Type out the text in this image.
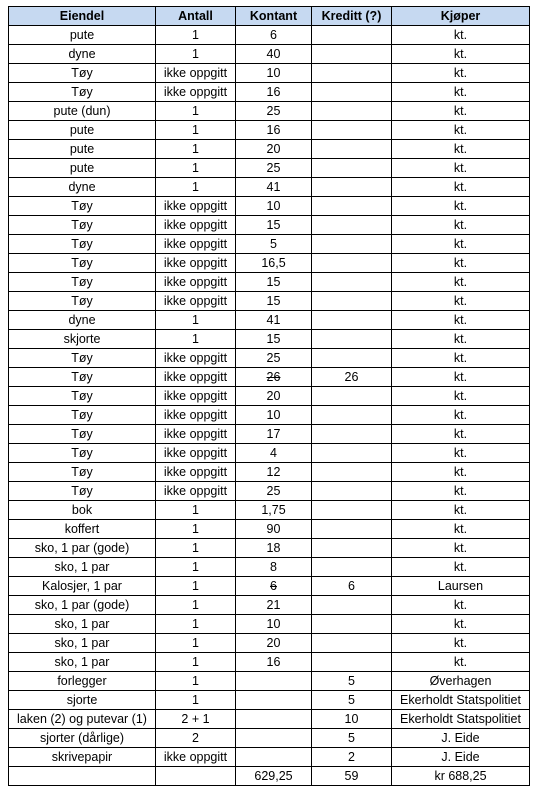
Eiendel	Antall	Kontant	Kreditt (?)	Kjøper
pute	1	6		kt.
dyne	1	40		kt.
Tøy	ikke oppgitt	10		kt.
Tøy	ikke oppgitt	16		kt.
pute (dun)	1	25		kt.
pute	1	16		kt.
pute	1	20		kt.
pute	1	25		kt.
dyne	1	41		kt.
Tøy	ikke oppgitt	10		kt.
Tøy	ikke oppgitt	15		kt.
Tøy	ikke oppgitt	5		kt.
Tøy	ikke oppgitt	16,5		kt.
Tøy	ikke oppgitt	15		kt.
Tøy	ikke oppgitt	15		kt.
dyne	1	41		kt.
skjorte	1	15		kt.
Tøy	ikke oppgitt	25		kt.
Tøy	ikke oppgitt	26	26	kt.
Tøy	ikke oppgitt	20		kt.
Tøy	ikke oppgitt	10		kt.
Tøy	ikke oppgitt	17		kt.
Tøy	ikke oppgitt	4		kt.
Tøy	ikke oppgitt	12		kt.
Tøy	ikke oppgitt	25		kt.
bok	1	1,75		kt.
koffert	1	90		kt.
sko, 1 par (gode)	1	18		kt.
sko, 1 par	1	8		kt.
Kalosjer, 1 par	1	6	6	Laursen
sko, 1 par (gode)	1	21		kt.
sko, 1 par	1	10		kt.
sko, 1 par	1	20		kt.
sko, 1 par	1	16		kt.
forlegger	1		5	Øverhagen
sjorte	1		5	Ekerholdt Statspolitiet
laken (2) og putevar (1)	2 + 1		10	Ekerholdt Statspolitiet
sjorter (dårlige)	2		5	J. Eide
skrivepapir	ikke oppgitt		2	J. Eide
		629,25	59	kr 688,25
